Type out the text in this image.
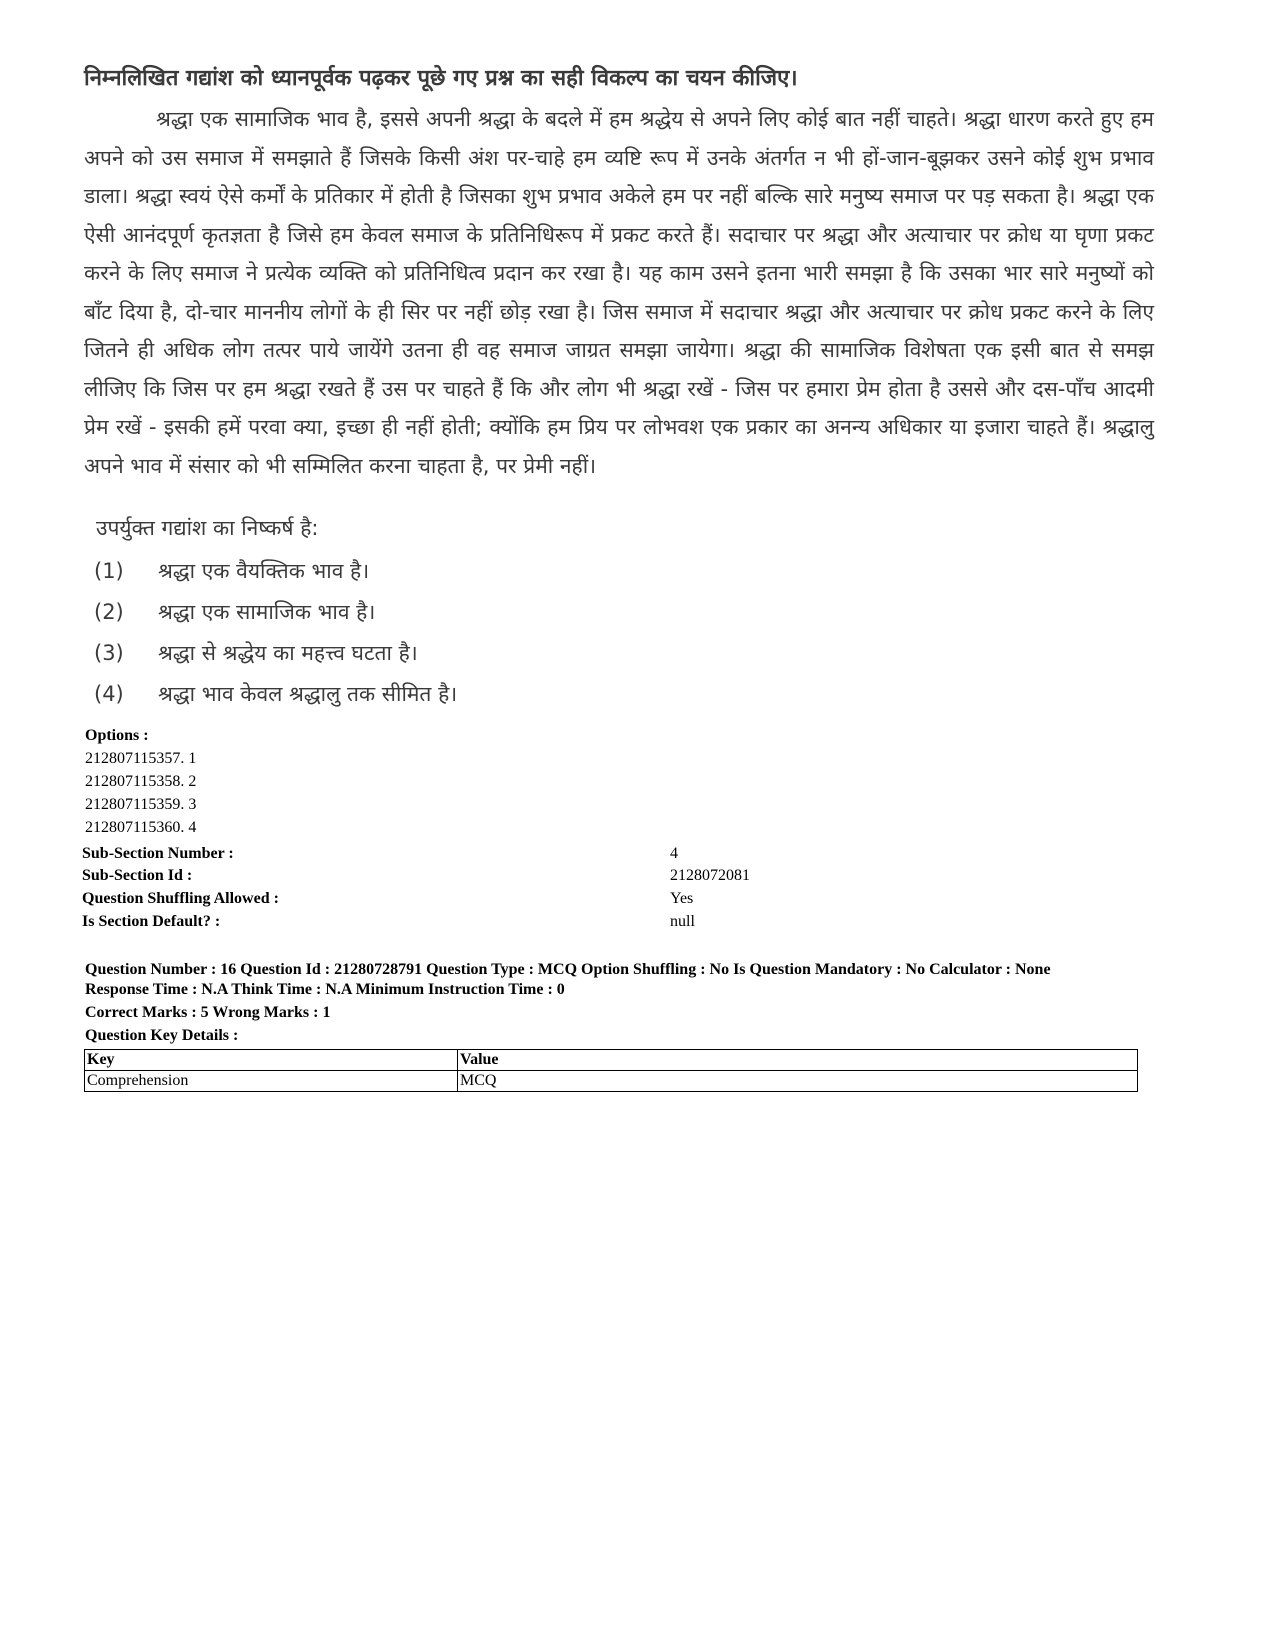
निम्नलिखित गद्यांश को ध्यानपूर्वक पढ़कर पूछे गए प्रश्न का सही विकल्प का चयन कीजिए।

श्रद्धा एक सामाजिक भाव है, इससे अपनी श्रद्धा के बदले में हम श्रद्धेय से अपने लिए कोई बात नहीं चाहते। श्रद्धा धारण करते हुए हम अपने को उस समाज में समझाते हैं जिसके किसी अंश पर-चाहे हम व्यष्टि रूप में उनके अंतर्गत न भी हों-जान-बूझकर उसने कोई शुभ प्रभाव डाला। श्रद्धा स्वयं ऐसे कर्मों के प्रतिकार में होती है जिसका शुभ प्रभाव अकेले हम पर नहीं बल्कि सारे मनुष्य समाज पर पड़ सकता है। श्रद्धा एक ऐसी आनंदपूर्ण कृतज्ञता है जिसे हम केवल समाज के प्रतिनिधिरूप में प्रकट करते हैं। सदाचार पर श्रद्धा और अत्याचार पर क्रोध या घृणा प्रकट करने के लिए समाज ने प्रत्येक व्यक्ति को प्रतिनिधित्व प्रदान कर रखा है। यह काम उसने इतना भारी समझा है कि उसका भार सारे मनुष्यों को बाँट दिया है, दो-चार माननीय लोगों के ही सिर पर नहीं छोड़ रखा है। जिस समाज में सदाचार श्रद्धा और अत्याचार पर क्रोध प्रकट करने के लिए जितने ही अधिक लोग तत्पर पाये जायेंगे उतना ही वह समाज जाग्रत समझा जायेगा। श्रद्धा की सामाजिक विशेषता एक इसी बात से समझ लीजिए कि जिस पर हम श्रद्धा रखते हैं उस पर चाहते हैं कि और लोग भी श्रद्धा रखें - जिस पर हमारा प्रेम होता है उससे और दस-पाँच आदमी प्रेम रखें - इसकी हमें परवा क्या, इच्छा ही नहीं होती; क्योंकि हम प्रिय पर लोभवश एक प्रकार का अनन्य अधिकार या इजारा चाहते हैं। श्रद्धालु अपने भाव में संसार को भी सम्मिलित करना चाहता है, पर प्रेमी नहीं।

उपर्युक्त गद्यांश का निष्कर्ष है:
(1)	श्रद्धा एक वैयक्तिक भाव है।
(2)	श्रद्धा एक सामाजिक भाव है।
(3)	श्रद्धा से श्रद्धेय का महत्त्व घटता है।
(4)	श्रद्धा भाव केवल श्रद्धालु तक सीमित है।
Options :
212807115357. 1
212807115358. 2
212807115359. 3
212807115360. 4
Sub-Section Number :	4
Sub-Section Id :	2128072081
Question Shuffling Allowed :	Yes
Is Section Default? :	null
Question Number : 16 Question Id : 21280728791 Question Type : MCQ Option Shuffling : No Is Question Mandatory : No Calculator : None
Response Time : N.A Think Time : N.A Minimum Instruction Time : 0
Correct Marks : 5 Wrong Marks : 1
Question Key Details :
Key	Value
Comprehension	MCQ
